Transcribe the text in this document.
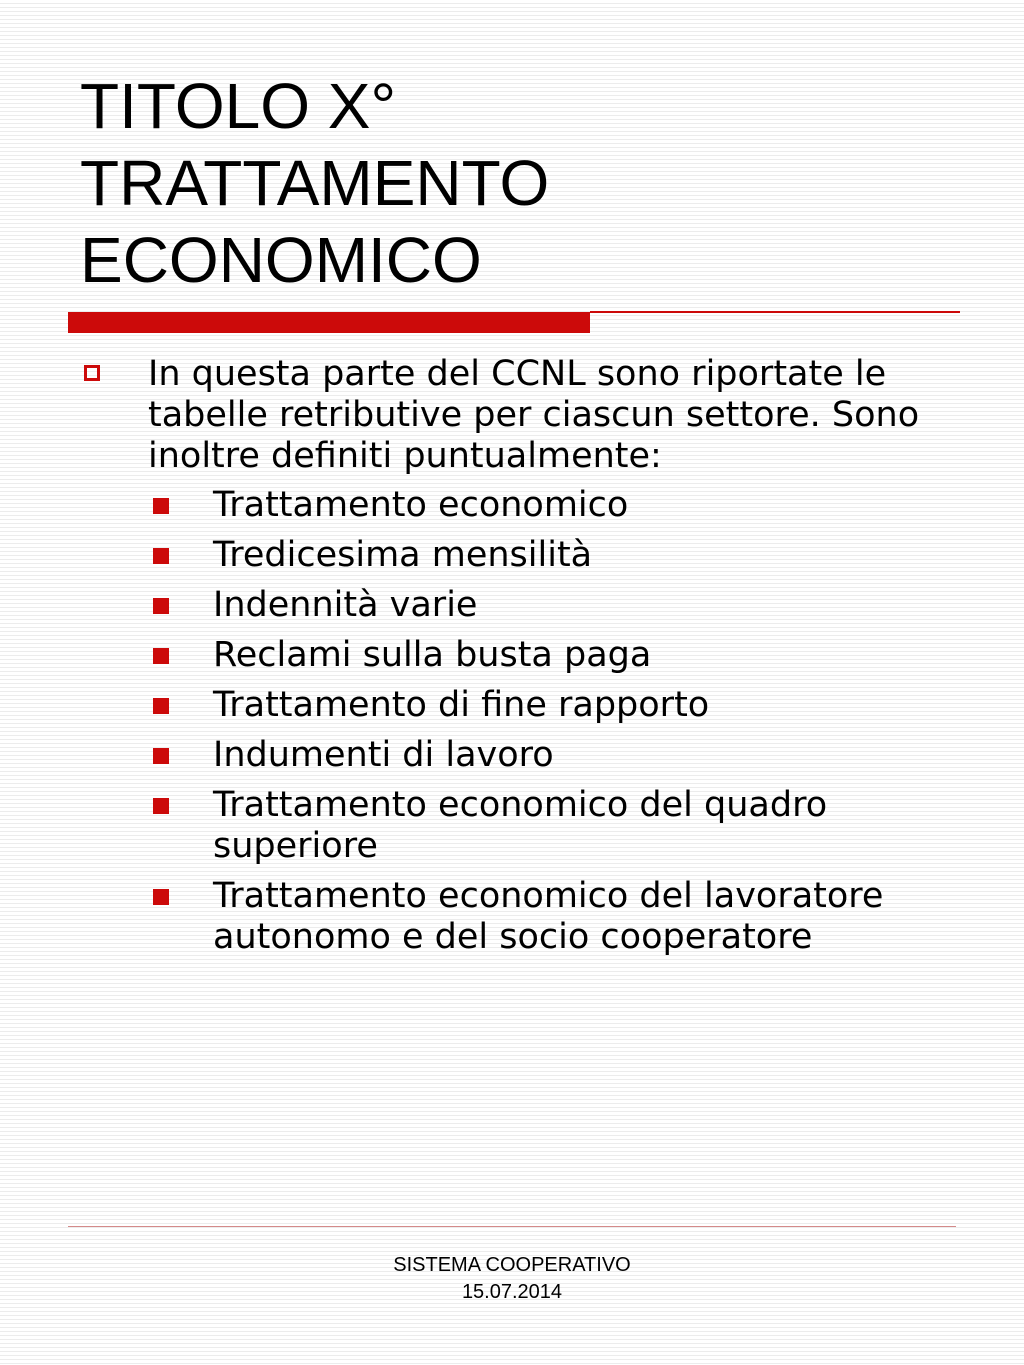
TITOLO X°
TRATTAMENTO
ECONOMICO
In questa parte del CCNL sono riportate le tabelle retributive per ciascun settore. Sono inoltre definiti puntualmente:
Trattamento economico
Tredicesima mensilità
Indennità varie
Reclami sulla busta paga
Trattamento di fine rapporto
Indumenti di lavoro
Trattamento economico del quadro superiore
Trattamento economico del lavoratore autonomo e del socio cooperatore
SISTEMA COOPERATIVO
15.07.2014
